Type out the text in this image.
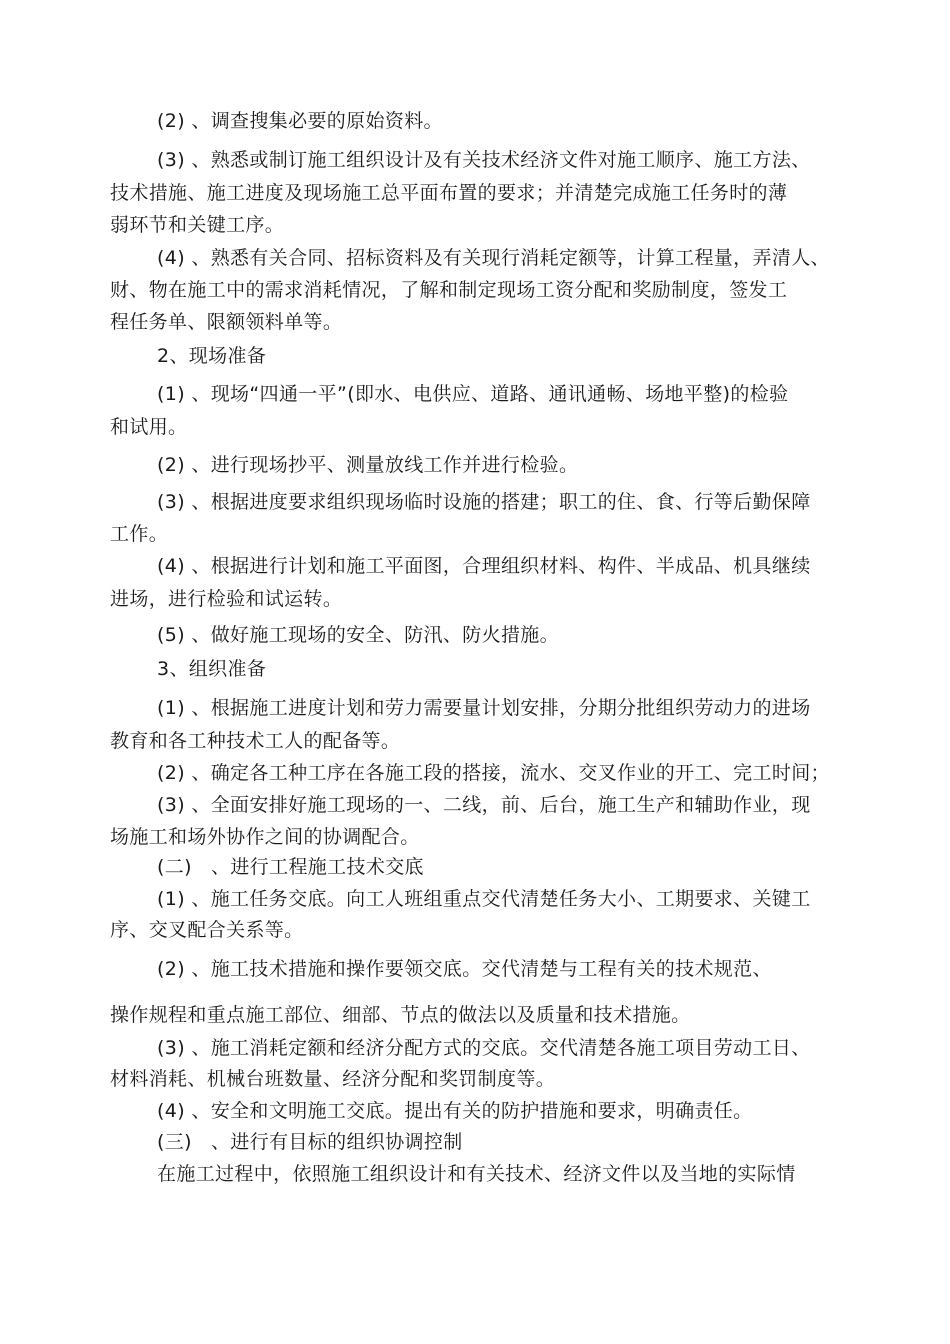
(2) 、调查搜集必要的原始资料。
(3) 、熟悉或制订施工组织设计及有关技术经济文件对施工顺序、施工方法、
技术措施、施工进度及现场施工总平面布置的要求；并清楚完成施工任务时的薄
弱环节和关键工序。
(4) 、熟悉有关合同、招标资料及有关现行消耗定额等，计算工程量，弄清人、
财、物在施工中的需求消耗情况，了解和制定现场工资分配和奖励制度，签发工
程任务单、限额领料单等。
2、现场准备
(1) 、现场“四通一平”(即水、电供应、道路、通讯通畅、场地平整)的检验
和试用。
(2) 、进行现场抄平、测量放线工作并进行检验。
(3) 、根据进度要求组织现场临时设施的搭建；职工的住、食、行等后勤保障
工作。
(4) 、根据进行计划和施工平面图，合理组织材料、构件、半成品、机具继续
进场，进行检验和试运转。
(5) 、做好施工现场的安全、防汛、防火措施。
3、组织准备
(1) 、根据施工进度计划和劳力需要量计划安排，分期分批组织劳动力的进场
教育和各工种技术工人的配备等。
(2) 、确定各工种工序在各施工段的搭接，流水、交叉作业的开工、完工时间；
(3) 、全面安排好施工现场的一、二线，前、后台，施工生产和辅助作业，现
场施工和场外协作之间的协调配合。
(二)   、进行工程施工技术交底
(1) 、施工任务交底。向工人班组重点交代清楚任务大小、工期要求、关键工
序、交叉配合关系等。
(2) 、施工技术措施和操作要领交底。交代清楚与工程有关的技术规范、
操作规程和重点施工部位、细部、节点的做法以及质量和技术措施。
(3) 、施工消耗定额和经济分配方式的交底。交代清楚各施工项目劳动工日、
材料消耗、机械台班数量、经济分配和奖罚制度等。
(4) 、安全和文明施工交底。提出有关的防护措施和要求，明确责任。
(三)   、进行有目标的组织协调控制
在施工过程中，依照施工组织设计和有关技术、经济文件以及当地的实际情
